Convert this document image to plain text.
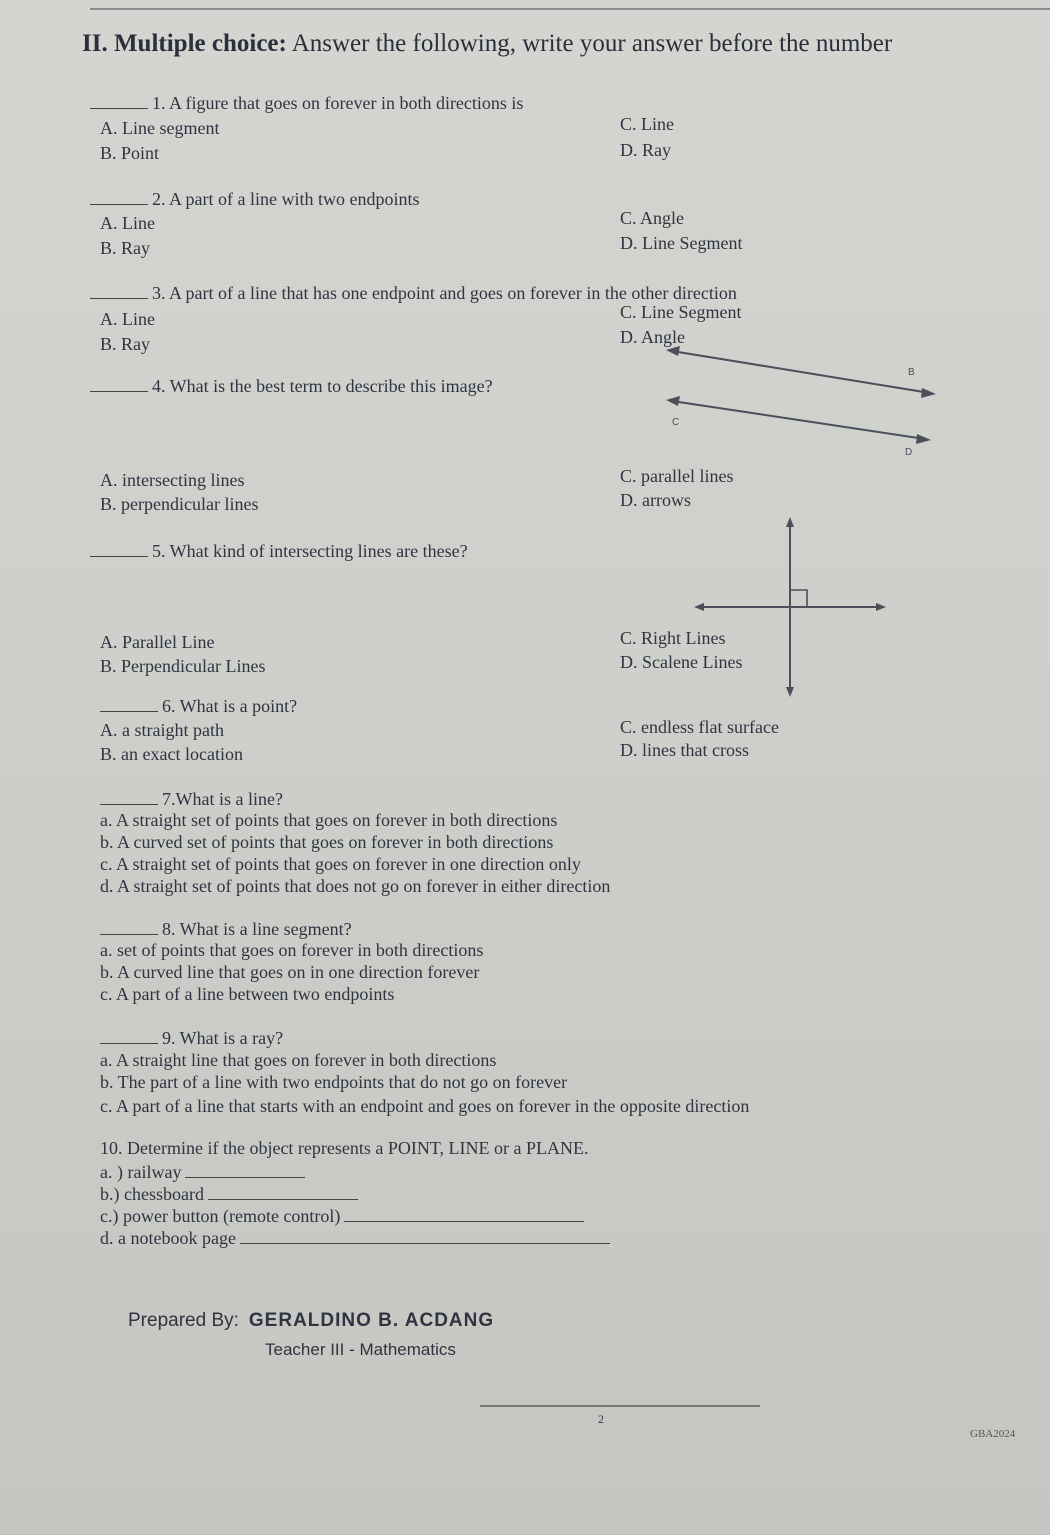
II. Multiple choice: Answer the following, write your answer before the number
1. A figure that goes on forever in both directions is
A. Line segment
B. Point
C. Line
D. Ray
2. A part of a line with two endpoints
A. Line
B. Ray
C. Angle
D. Line Segment
3. A part of a line that has one endpoint and goes on forever in the other direction
A. Line
B. Ray
C. Line Segment
D. Angle
4. What is the best term to describe this image?
B
C
D
A. intersecting lines
B. perpendicular lines
C. parallel lines
D. arrows
5. What kind of intersecting lines are these?
A. Parallel Line
B. Perpendicular Lines
C. Right Lines
D. Scalene Lines
6. What is a point?
A. a straight path
B. an exact location
C. endless flat surface
D. lines that cross
7.What is a line?
a. A straight set of points that goes on forever in both directions
b. A curved set of points that goes on forever in both directions
c. A straight set of points that goes on forever in one direction only
d. A straight set of points that does not go on forever in either direction
8. What is a line segment?
a. set of points that goes on forever in both directions
b. A curved line that goes on in one direction forever
c. A part of a line between two endpoints
9. What is a ray?
a. A straight line that goes on forever in both directions
b. The part of a line with two endpoints that do not go on forever
c. A part of a line that starts with an endpoint and goes on forever in the opposite direction
10. Determine if the object represents a POINT, LINE or a PLANE.
a. ) railway
b.) chessboard
c.) power button (remote control)
d. a notebook page
Prepared By: GERALDINO B. ACDANG
Teacher III - Mathematics
2
GBA2024
